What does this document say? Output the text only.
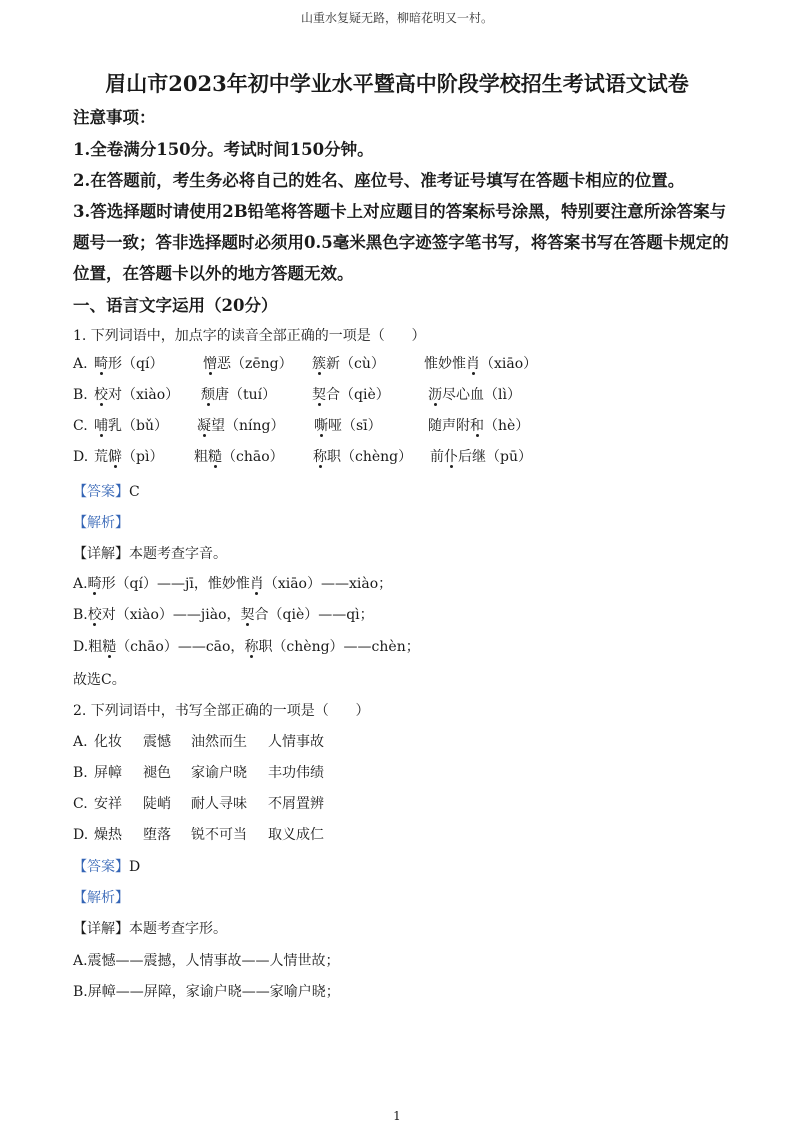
山重水复疑无路，柳暗花明又一村。
眉山市2023年初中学业水平暨高中阶段学校招生考试语文试卷
注意事项：
1.全卷满分150分。考试时间150分钟。
2.在答题前，考生务必将自己的姓名、座位号、准考证号填写在答题卡相应的位置。
3.答选择题时请使用2B铅笔将答题卡上对应题目的答案标号涂黑，特别要注意所涂答案与
题号一致；答非选择题时必须用0.5毫米黑色字迹签字笔书写，将答案书写在答题卡规定的
位置，在答题卡以外的地方答题无效。
一、语言文字运用（20分）
1. 下列词语中，加点字的读音全部正确的一项是（      ）
A. 畸形（qí）	憎恶（zēng） 簇新（cù）	惟妙惟肖（xiāo）
B. 校对（xiào） 颓唐（tuí）	契合（qiè）	沥尽心血（lì）
C. 哺乳（bǔ） 凝望（níng） 嘶哑（sī）	随声附和（hè）
D. 荒僻（pì） 粗糙（chāo） 称职（chèng） 前仆后继（pū）
【答案】C
【解析】
【详解】本题考查字音。
A.畸形（qí）——jī，惟妙惟肖（xiāo）——xiào；
B.校对（xiào）——jiào，契合（qiè）——qì；
D.粗糙（chāo）——cāo，称职（chèng）——chèn；
故选C。
2. 下列词语中，书写全部正确的一项是（      ）
A. 化妆 震憾 油然而生 人情事故
B. 屏幛 褪色 家谕户晓 丰功伟绩
C. 安祥 陡峭 耐人寻味 不屑置辨
D. 燥热 堕落 锐不可当 取义成仁
【答案】D
【解析】
【详解】本题考查字形。
A.震憾——震撼，人情事故——人情世故；
B.屏幛——屏障，家谕户晓——家喻户晓；
1
